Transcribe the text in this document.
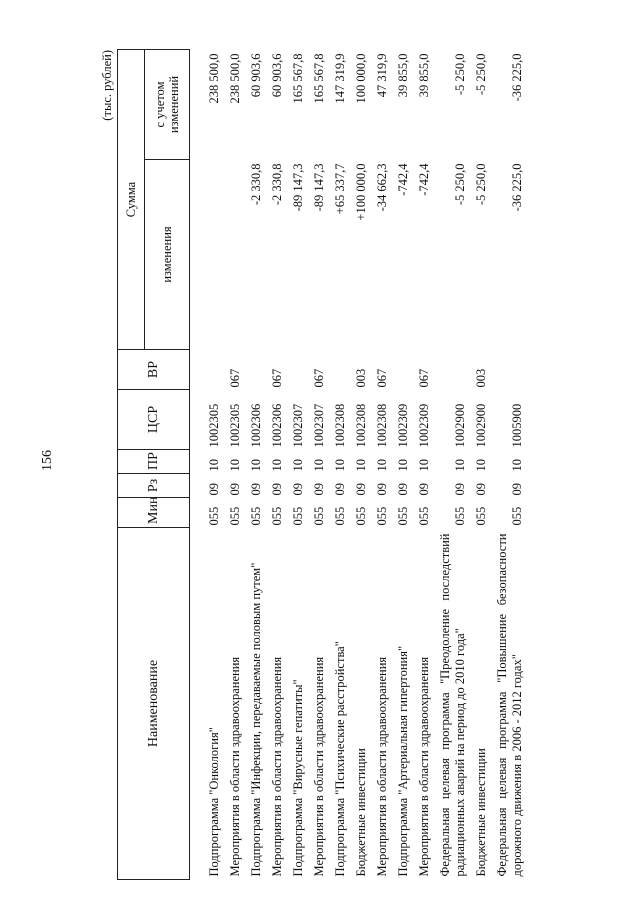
156
(тыс. рублей)
Наименование	Мин	Рз	ПР	ЦСР	ВР	Сумма	
						изменения	с учетом
изменений

Подпрограмма "Онкология"	055	09	10	1002305			238 500,0
Мероприятия в области здравоохранения	055	09	10	1002305	067		238 500,0
Подпрограмма "Инфекции, передаваемые половым путем"	055	09	10	1002306		-2 330,8	60 903,6
Мероприятия в области здравоохранения	055	09	10	1002306	067	-2 330,8	60 903,6
Подпрограмма "Вирусные гепатиты"	055	09	10	1002307		-89 147,3	165 567,8
Мероприятия в области здравоохранения	055	09	10	1002307	067	-89 147,3	165 567,8
Подпрограмма "Психические расстройства"	055	09	10	1002308		+65 337,7	147 319,9
Бюджетные инвестиции	055	09	10	1002308	003	+100 000,0	100 000,0
Мероприятия в области здравоохранения	055	09	10	1002308	067	-34 662,3	47 319,9
Подпрограмма "Артериальная гипертония"	055	09	10	1002309		-742,4	39 855,0
Мероприятия в области здравоохранения	055	09	10	1002309	067	-742,4	39 855,0
Федеральная целевая программа "Преодоление последствий радиационных аварий на период до 2010 года"	055	09	10	1002900		-5 250,0	-5 250,0
Бюджетные инвестиции	055	09	10	1002900	003	-5 250,0	-5 250,0
Федеральная целевая программа "Повышение безопасности дорожного движения в 2006 - 2012 годах"	055	09	10	1005900		-36 225,0	-36 225,0
